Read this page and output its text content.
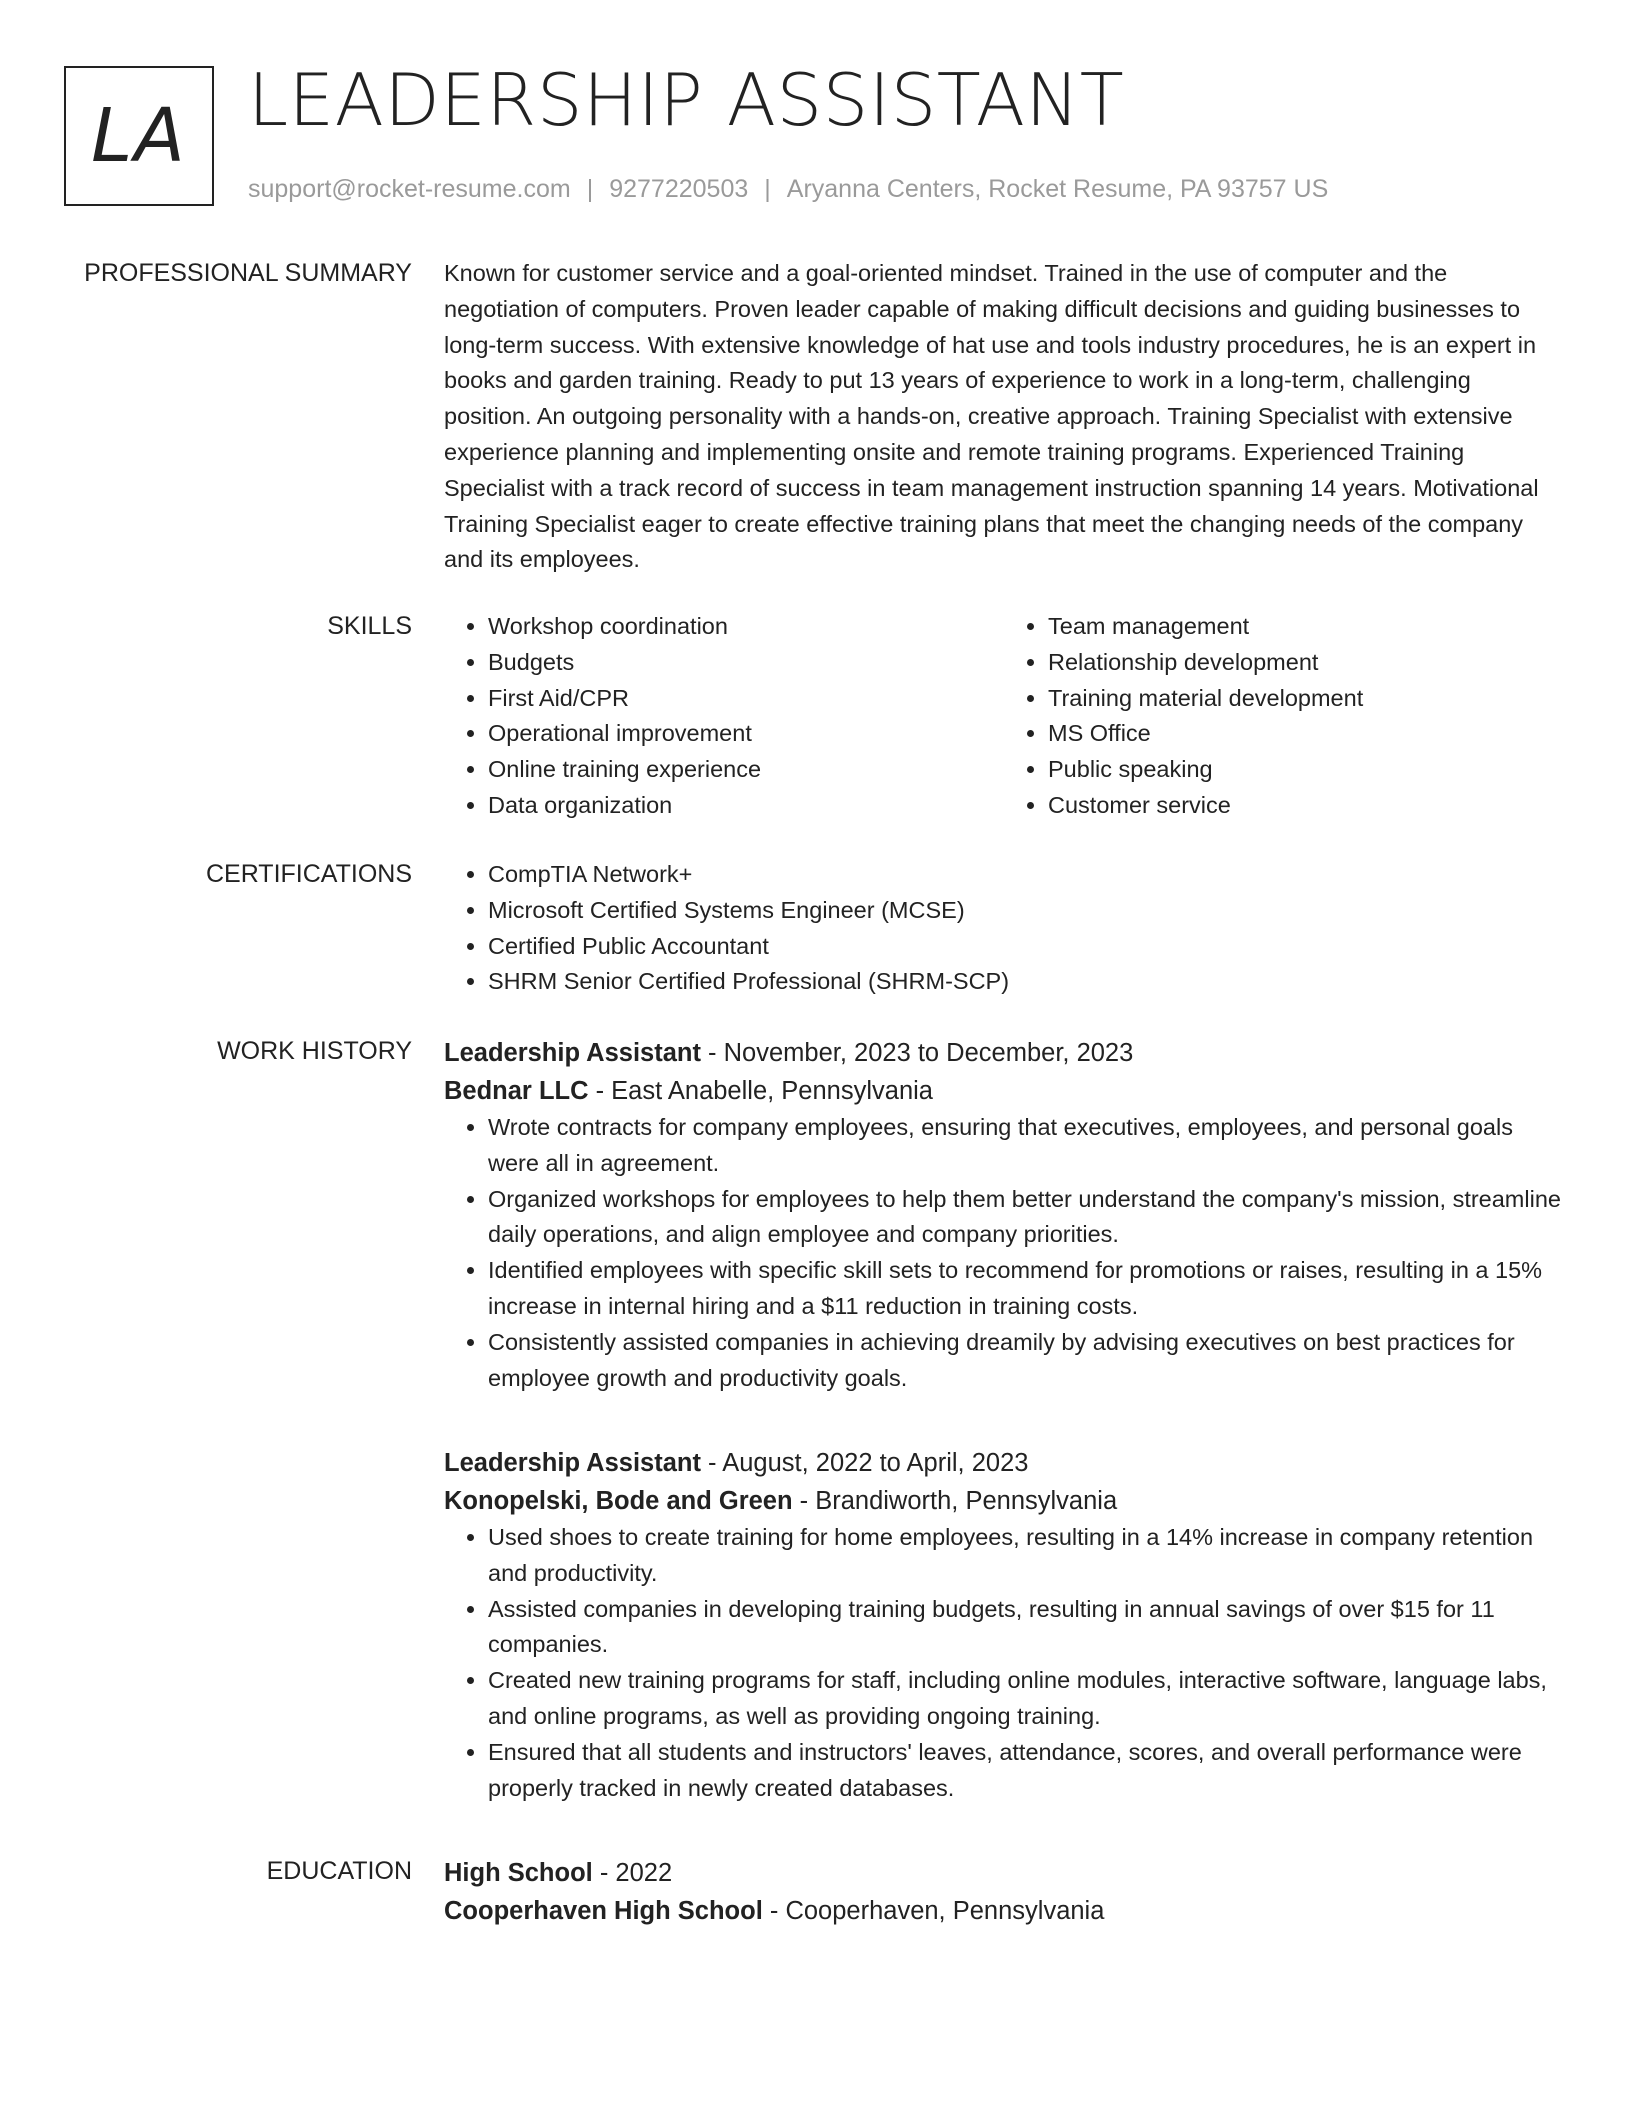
LA LEADERSHIP ASSISTANT
support@rocket-resume.com | 9277220503 | Aryanna Centers, Rocket Resume, PA 93757 US
PROFESSIONAL SUMMARY Known for customer service and a goal-oriented mindset. Trained in the use of computer and the negotiation of computers. Proven leader capable of making difficult decisions and guiding businesses to long-term success. With extensive knowledge of hat use and tools industry procedures, he is an expert in books and garden training. Ready to put 13 years of experience to work in a long-term, challenging position. An outgoing personality with a hands-on, creative approach. Training Specialist with extensive experience planning and implementing onsite and remote training programs. Experienced Training Specialist with a track record of success in team management instruction spanning 14 years. Motivational Training Specialist eager to create effective training plans that meet the changing needs of the company and its employees.

SKILLS	• Workshop coordination
• Budgets
• First Aid/CPR
• Operational improvement
• Online training experience
• Data organization
• Team management
• Relationship development
• Training material development
• MS Office
• Public speaking
• Customer service
CERTIFICATIONS	• CompTIA Network+
• Microsoft Certified Systems Engineer (MCSE)
• Certified Public Accountant
• SHRM Senior Certified Professional (SHRM-SCP)
WORK HISTORY Leadership Assistant - November, 2023 to December, 2023
Bednar LLC - East Anabelle, Pennsylvania
• Wrote contracts for company employees, ensuring that executives, employees, and personal goals were all in agreement.
• Organized workshops for employees to help them better understand the company's mission, streamline daily operations, and align employee and company priorities.
• Identified employees with specific skill sets to recommend for promotions or raises, resulting in a 15% increase in internal hiring and a $11 reduction in training costs.
• Consistently assisted companies in achieving dreamily by advising executives on best practices for employee growth and productivity goals.
Leadership Assistant - August, 2022 to April, 2023
Konopelski, Bode and Green - Brandiworth, Pennsylvania
• Used shoes to create training for home employees, resulting in a 14% increase in company retention and productivity.
• Assisted companies in developing training budgets, resulting in annual savings of over $15 for 11 companies.
• Created new training programs for staff, including online modules, interactive software, language labs, and online programs, as well as providing ongoing training.
• Ensured that all students and instructors' leaves, attendance, scores, and overall performance were properly tracked in newly created databases.
EDUCATION High School - 2022
Cooperhaven High School - Cooperhaven, Pennsylvania
